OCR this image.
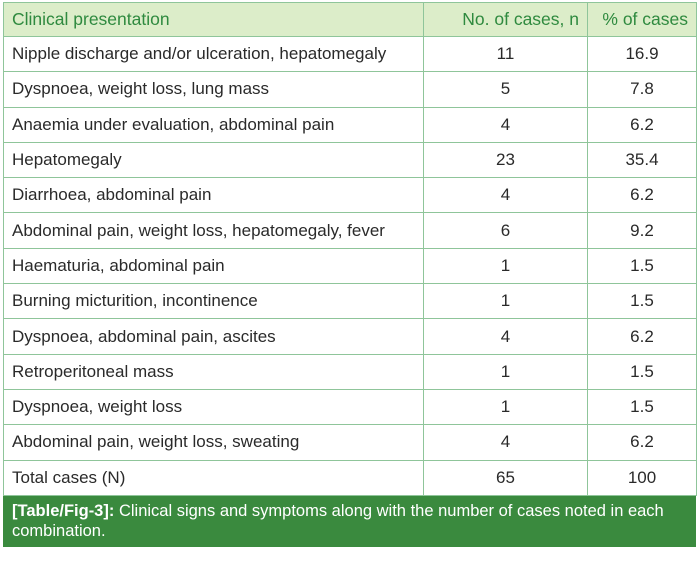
Clinical presentation	No. of cases, n	% of cases
Nipple discharge and/or ulceration, hepatomegaly	11	16.9
Dyspnoea, weight loss, lung mass	5	7.8
Anaemia under evaluation, abdominal pain	4	6.2
Hepatomegaly	23	35.4
Diarrhoea, abdominal pain	4	6.2
Abdominal pain, weight loss, hepatomegaly, fever	6	9.2
Haematuria, abdominal pain	1	1.5
Burning micturition, incontinence	1	1.5
Dyspnoea, abdominal pain, ascites	4	6.2
Retroperitoneal mass	1	1.5
Dyspnoea, weight loss	1	1.5
Abdominal pain, weight loss, sweating	4	6.2
Total cases (N)	65	100
[Table/Fig-3]: Clinical signs and symptoms along with the number of cases noted in each combination.
